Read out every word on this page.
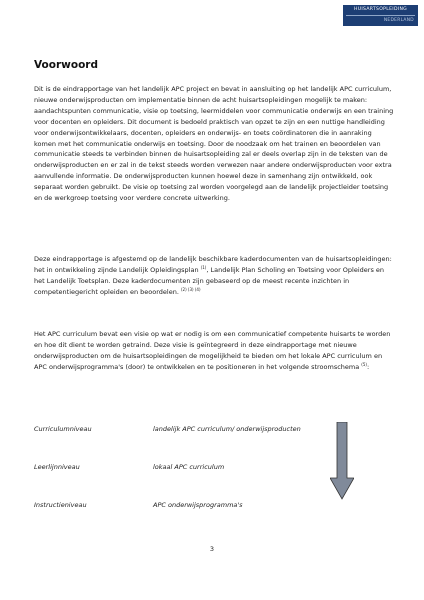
HUISARTSOPLEIDING
NEDERLAND
Voorwoord
Dit is de eindrapportage van het landelijk APC project en bevat in aansluiting op het landelijk APC curriculum, nieuwe onderwijsproducten om implementatie binnen de acht huisartsopleidingen mogelijk te maken: aandachtspunten communicatie, visie op toetsing, leermiddelen voor communicatie onderwijs en een training voor docenten en opleiders. Dit document is bedoeld praktisch van opzet te zijn en een nuttige handleiding voor onderwijsontwikkelaars, docenten, opleiders en onderwijs- en toets coördinatoren die in aanraking komen met het communicatie onderwijs en toetsing. Door de noodzaak om het trainen en beoordelen van communicatie steeds te verbinden binnen de huisartsopleiding zal er deels overlap zijn in de teksten van de onderwijsproducten en er zal in de tekst steeds worden verwezen naar andere onderwijsproducten voor extra aanvullende informatie. De onderwijsproducten kunnen hoewel deze in samenhang zijn ontwikkeld, ook separaat worden gebruikt. De visie op toetsing zal worden voorgelegd aan de landelijk projectleider toetsing en de werkgroep toetsing voor verdere concrete uitwerking.
Deze eindrapportage is afgestemd op de landelijk beschikbare kaderdocumenten van de huisartsopleidingen: het in ontwikkeling zijnde Landelijk Opleidingsplan $^{(1)}$, Landelijk Plan Scholing en Toetsing voor Opleiders en het Landelijk Toetsplan. Deze kaderdocumenten zijn gebaseerd op de meest recente inzichten in competentiegericht opleiden en beoordelen. $^{(2) (3) (4)}$
Het APC curriculum bevat een visie op wat er nodig is om een communicatief competente huisarts te worden en hoe dit dient te worden getraind. Deze visie is geïntegreerd in deze eindrapportage met nieuwe onderwijsproducten om de huisartsopleidingen de mogelijkheid te bieden om het lokale APC curriculum en APC onderwijsprogramma's (door) te ontwikkelen en te positioneren in het volgende stroomschema $^{(5)}$:
Curriculumniveau	landelijk APC curriculum/ onderwijsproducten
Leerlijnniveau	lokaal APC curriculum
Instructieniveau	APC onderwijsprogramma's
3
